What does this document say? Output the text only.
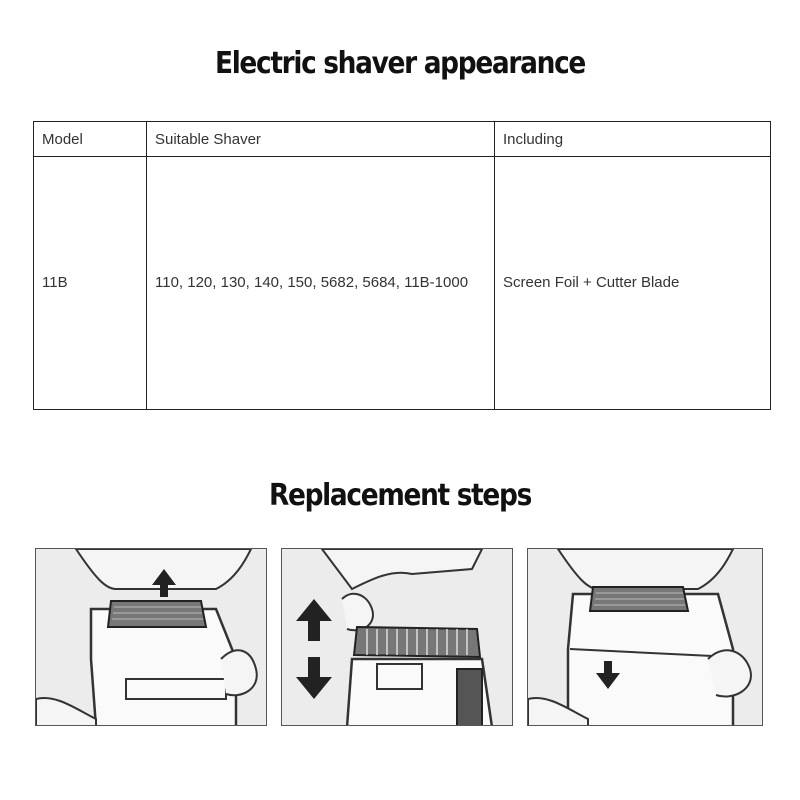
Electric shaver appearance
Model	Suitable Shaver	Including
11B	110, 120, 130, 140, 150, 5682, 5684, 11B-1000	Screen Foil + Cutter Blade
Replacement steps
